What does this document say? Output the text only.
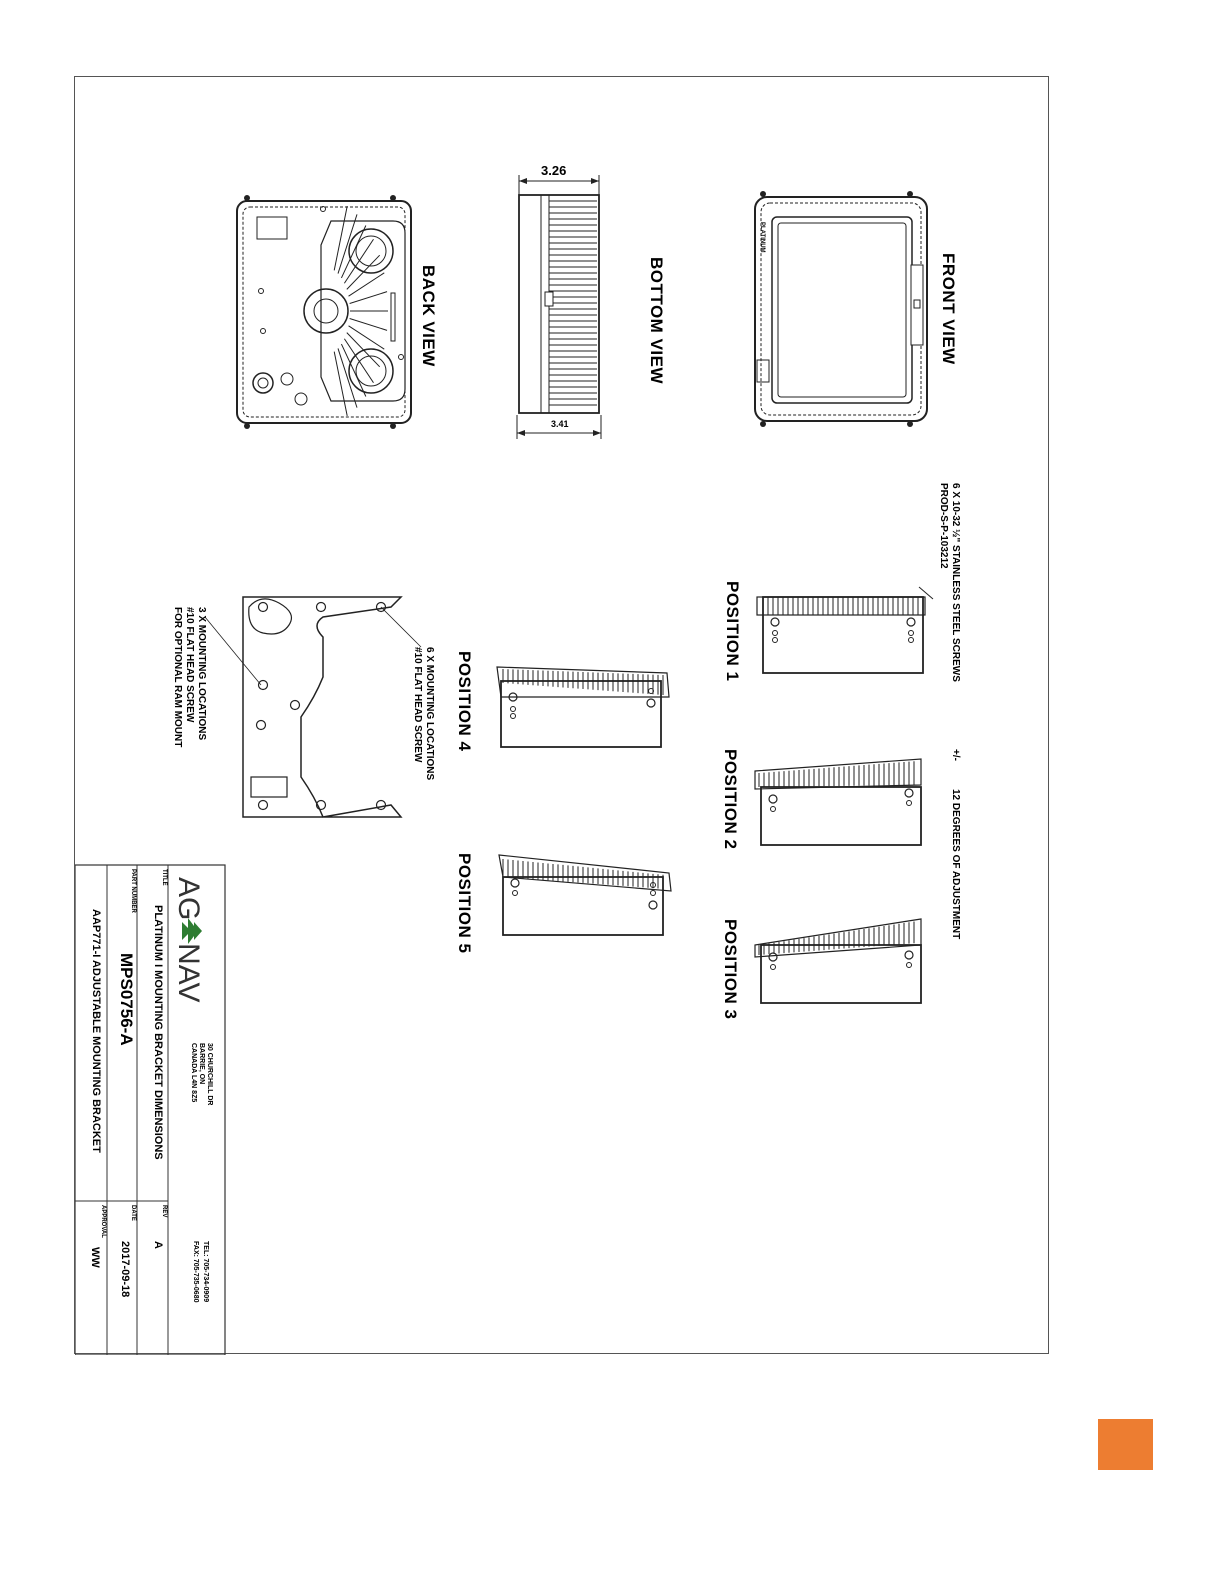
PLATINUM
FRONT VIEW
3.26
3.41
BOTTOM VIEW
BACK VIEW
POSITION 1
POSITION 2
POSITION 3
6 X 10-32 ½" STAINLESS STEEL SCREWS
PROD-S-P-103212
+/-
12 DEGREES OF ADJUSTMENT
POSITION 4
POSITION 5
6 X MOUNTING LOCATIONS
#10 FLAT HEAD SCREW
3 X MOUNTING LOCATIONS
#10 FLAT HEAD SCREW
FOR OPTIONAL RAM MOUNT
AG
NAV
30 CHURCHILL DR
BARRIE, ON
CANADA L4N 8Z5
TEL: 705-734-0909
FAX: 705-735-0680
TITLE
PLATINUM I MOUNTING BRACKET DIMENSIONS
REV
A
PART NUMBER
MPS0756-A
DATE
2017-09-18
AAP771-I ADJUSTABLE MOUNTING BRACKET
APPROVAL
WW
